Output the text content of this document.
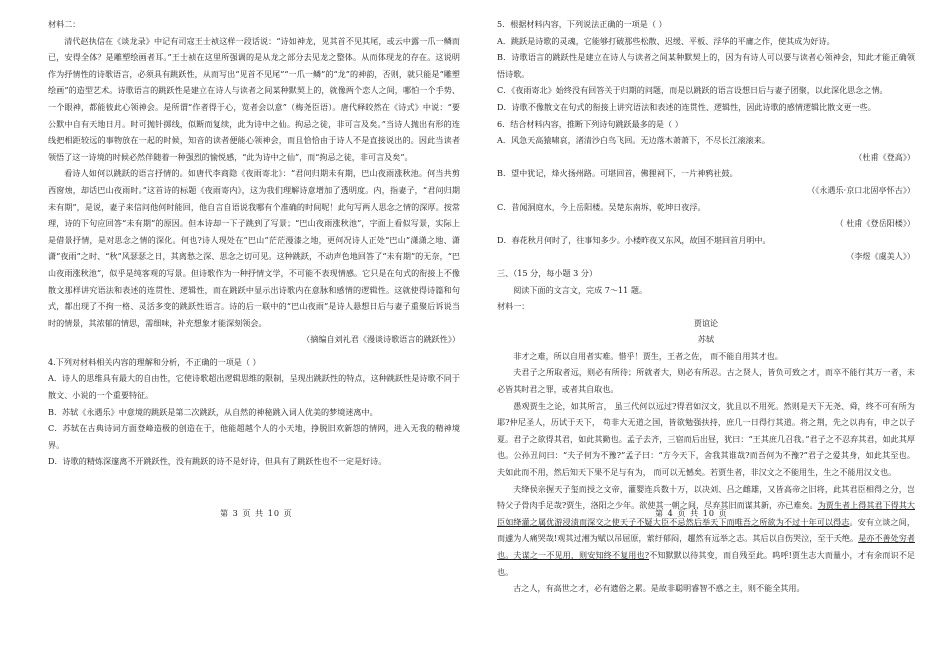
材料二：

清代赵执信在《谈龙录》中记有司寇王士祯这样一段话说：“诗如神龙，见其首不见其尾，或云中露一爪一鳞而已，安得全体？是雕塑绘画者耳。”王士祯在这里所强调的是从龙之部分去见龙之整体。从而体现龙的存在。这说明作为抒情性的诗歌语言，必须具有跳跃性，从而写出“见首不见尾”“一爪一鳞”的“龙”的神韵，否则，就只能是“雕塑绘画”的造型艺术。诗歌语言的跳跃性是建立在诗人与读者之间某种默契上的，就像两个恋人之间，哪怕一个手势、一个眼神，都能彼此心领神会。是所谓“作者得于心，览者会以意”（梅尧臣语）。唐代释皎然在《诗式》中说：“要公默中自有天地日月。时可抛针掷线，似断而复续，此为诗中之仙。拘忌之徒，非可言及矣。”当诗人抛出有形的连线把相距较远的事物放在一起的时候，知音的读者便能心领神会，而且恰恰由于诗人不是直接说出的。因此当读者领悟了这一诗境的时候必然伴随着一种强烈的愉悦感，“此为诗中之仙”，而“拘忌之徒，非可言及矣”。

看诗人如何以跳跃的语言抒情的。如唐代李商隐《夜雨寄北》：“君问归期未有期，巴山夜雨涨秋池。何当共剪西窗烛，却话巴山夜雨时。”这首诗的标题《夜雨寄内》，这为我们理解诗意增加了透明度。内，指妻子，“君问归期未有期”，是说，妻子来信问他何时能回，他自言自语说我哪有个准确的时间呢！此句写两人思念之情的深厚。按常理，诗的下句应回答“未有期”的原因。但本诗却一下子跳到了写景；“巴山夜雨涨秋池”，字面上看似写景，实际上是借景抒情，是对思念之情的深化。何也?诗人现处在“巴山”茫茫漫漆之地，更何况诗人正处“巴山”潇潇之地、潇潇“夜雨”之时、“秋”风瑟瑟之日，其离愁之深、思念之切可见。这种跳跃，不动声色地回答了“未有期”的无奈，“巴山夜雨涨秋池”，似乎是纯客观的写景。但诗歌作为一种抒情文学，不可能不表现情感。它只是在句式的衔接上不像散文那样讲究语法和表述的连贯性、逻辑性，而在跳跃中显示出诗歌内在意脉和感情的逻辑性。这就使得诗篇和句式，都出现了不拘一格、灵活多变的跳跃性语言。诗的后一联中的“巴山夜雨”是诗人悬想日后与妻子重聚后诉说当时的情景，其浓郁的情思，需细味，补充想象才能深刻领会。

（摘编自刘礼君《漫谈诗歌语言的跳跃性》）

4.下列对材料相关内容的理解和分析，不正确的一项是（ ）

A．诗人的思维具有最大的自由性，它使诗歌超出逻辑思维的限制，呈现出跳跃性的特点，这种跳跃性是诗歌不同于散文、小说的一个重要特征。

B．苏轼《永遇乐》中意境的跳跃是第二次跳跃，从自然的神秘跳入词人优美的梦境迷离中。

C．苏轼在古典诗词方面登峰造极的创造在于，他能超越个人的小天地，挣脱旧欢新怨的情网，进入无我的精神境界。

D．诗歌的精炼深邃离不开跳跃性，没有跳跃的诗不是好诗，但具有了跳跃性也不一定是好诗。

5．根据材料内容，下列说法正确的一项是（ ）

A．跳跃是诗歌的灵魂，它能够打破那些松散、迟缓、平板、浮华的平庸之作，使其成为好诗。

B．诗歌语言的跳跃性是建立在诗人与读者之间某种默契上的，因为有诗人可以要与读者心领神会，知此才能正确领悟诗歌。

C．《夜雨寄北》始终没有回答关于归期的问题，而是以跳跃的语言设想日后与妻子团聚，以此深化思念之情。

D．诗歌不像散文在句式的衔接上讲究语法和表述的连贯性、逻辑性，因此诗歌的感情逻辑比散文更一些。

6．结合材料内容，推断下列诗句跳跃最多的是（ ）

A．风急天高猿啸哀，渚清沙白鸟飞回。无边落木萧萧下，不尽长江滚滚来。

（杜甫《登高》）

B．望中犹记，烽火扬州路。可堪回首，佛狸祠下，一片神鸦社鼓。

（《永遇乐·京口北固亭怀古》）

C．昔闻洞庭水，今上岳阳楼。吴楚东南坼，乾坤日夜浮。

（ 杜甫《登岳阳楼》）

D．春花秋月何时了，往事知多少。小楼昨夜又东风，故国不堪回首月明中。

（李煜《虞美人》）

三、（15 分，每小题 3 分）

阅读下面的文言文，完成 7～11 题。

材料一：

贾谊论

苏轼

非才之难，所以自用者实难。惜乎！贾生，王者之佐， 而不能自用其才也。

夫君子之所取者远，则必有所待；所就者大，则必有所忍。古之贤人，皆负可致之才，而卒不能行其万一者，未必皆其时君之罪，或者其自取也。

愚观贾生之论，如其所言， 虽三代何以远过?得君如汉文，犹且以不用死。然则是天下无尧、舜，终不可有所为耶?仲尼圣人，历试于天下， 苟非大无道之国，皆欲勉强扶持，庶几一日得行其道。将之荆，先之以冉有，申之以子夏。君子之欲得其君，如此其勤也。孟子去齐，三宿而后出昼，犹曰：“王其庶几召我。”君子之不忍弃其君，如此其厚也。公孙丑问曰：“夫子何为不豫?”孟子曰：“方今天下，舍我其谁哉?而吾何为不豫?”君子之爱其身，如此其至也。夫如此而不用，然后知天下果不足与有为， 而可以无憾矣。若贾生者，非汉文之不能用生，生之不能用汉文也。

夫绛侯亲握天子玺而授之文帝，灌婴连兵数十万，以决刘、吕之雌雄，又皆高帝之旧将，此其君臣相得之分，岂特父子骨肉手足哉?贾生，洛阳之少年。欲使其一朝之间，尽弃其旧而谋其新，亦已难矣。为贾生者上得其君下得其大臣如绛灌之属优游浸渍而深交之使天子不疑大臣不忌然后举天下而唯吾之所欲为不过十年可以得志。安有立谈之间，而遽为人痛哭哉!观其过湘为赋以吊屈原，萦纡郁闷，趯然有远举之志。其后以自伤哭泣，至于夭绝。是亦不善处穷者也。夫谋之一不见用，则安知终不复用也?不知默默以待其变，而自残至此。呜呼!贾生志大而量小，才有余而识不足也。

古之人，有高世之才，必有遗俗之累。是故非聪明睿智不惑之主，则不能全其用。

第 3 页 共 10 页	第 4 页 共 10 页
